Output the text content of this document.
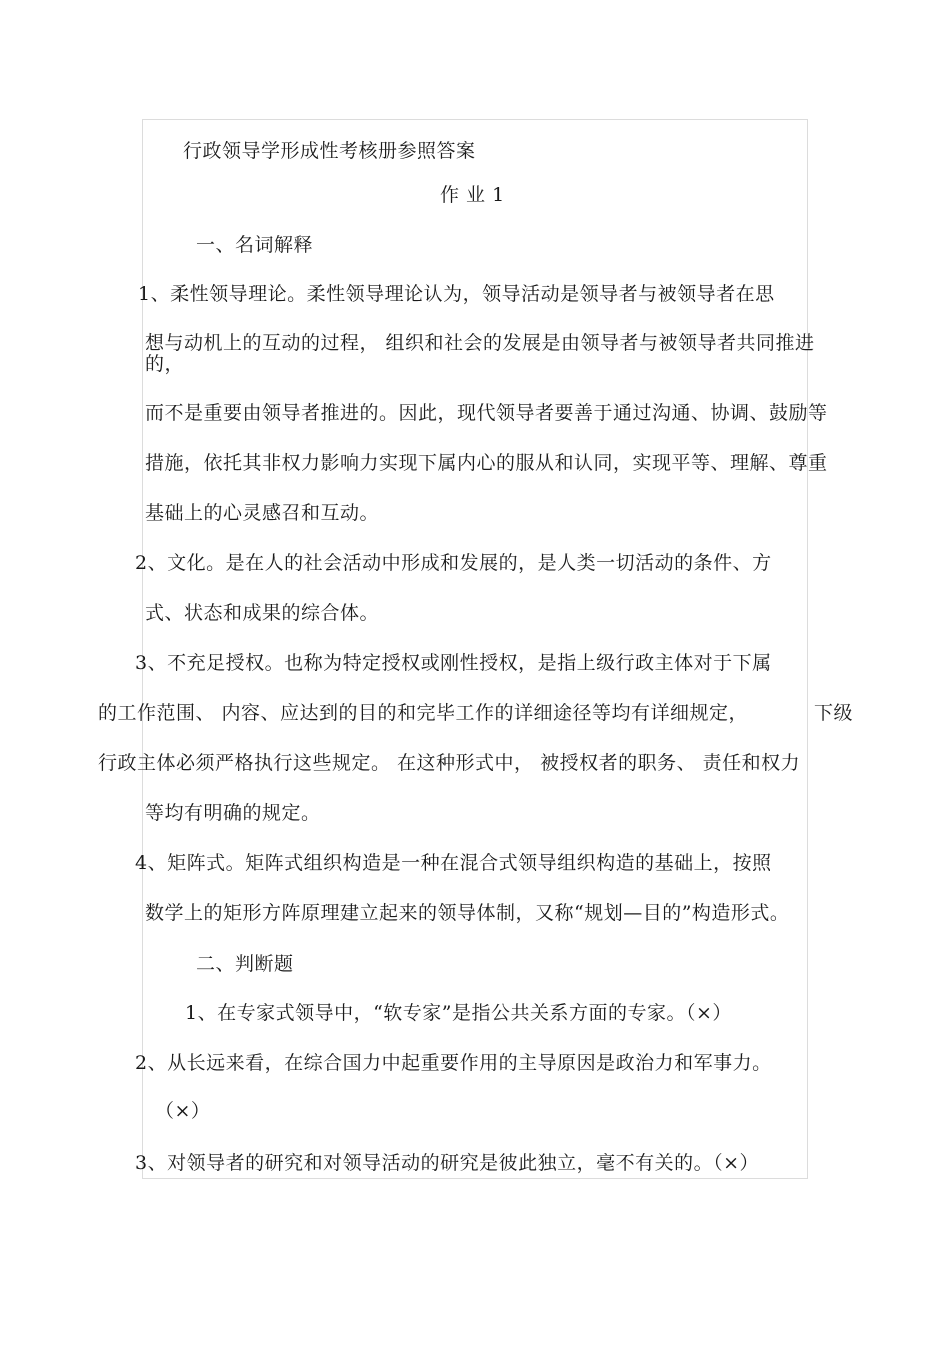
行政领导学形成性考核册参照答案
作 业 1
一、名词解释
1、柔性领导理论。柔性领导理论认为，领导活动是领导者与被领导者在思
想与动机上的互动的过程， 组织和社会的发展是由领导者与被领导者共同推进
的，
而不是重要由领导者推进的。因此，现代领导者要善于通过沟通、协调、鼓励等
措施，依托其非权力影响力实现下属内心的服从和认同，实现平等、理解、尊重
基础上的心灵感召和互动。
2、文化。是在人的社会活动中形成和发展的，是人类一切活动的条件、方
式、状态和成果的综合体。
3、不充足授权。也称为特定授权或刚性授权，是指上级行政主体对于下属
的工作范围、 内容、应达到的目的和完毕工作的详细途径等均有详细规定，	下级
行政主体必须严格执行这些规定。 在这种形式中， 被授权者的职务、 责任和权力
等均有明确的规定。
4、矩阵式。矩阵式组织构造是一种在混合式领导组织构造的基础上，按照
数学上的矩形方阵原理建立起来的领导体制，又称“规划—目的”构造形式。
二、判断题
1、在专家式领导中，“软专家”是指公共关系方面的专家。（×）
2、从长远来看，在综合国力中起重要作用的主导原因是政治力和军事力。
（×）
3、对领导者的研究和对领导活动的研究是彼此独立，毫不有关的。（×）
